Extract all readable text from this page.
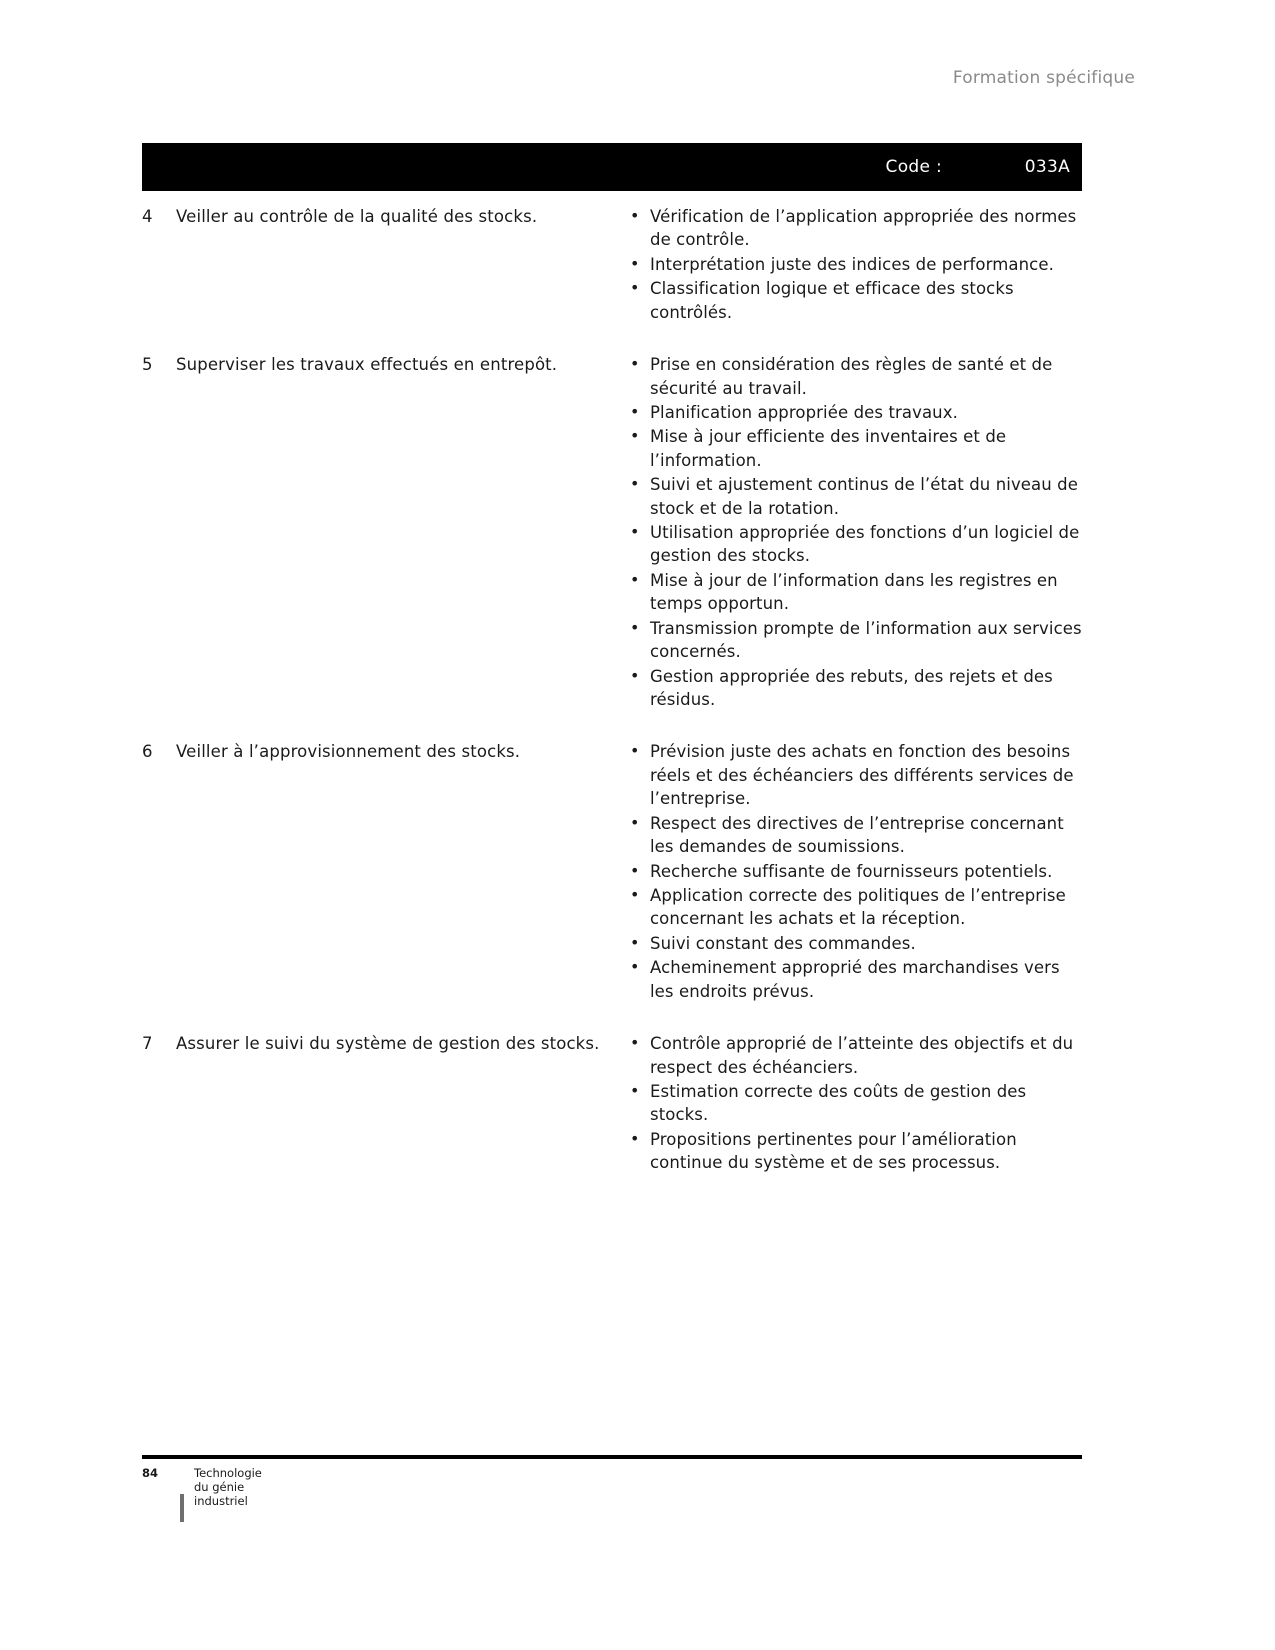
Formation spécifique
Code :	033A
4	Veiller au contrôle de la qualité des stocks.	• Vérification de l’application appropriée des normes de contrôle.
• Interprétation juste des indices de performance.
• Classification logique et efficace des stocks contrôlés.
5	Superviser les travaux effectués en entrepôt.	• Prise en considération des règles de santé et de sécurité au travail.
• Planification appropriée des travaux.
• Mise à jour efficiente des inventaires et de l’information.
• Suivi et ajustement continus de l’état du niveau de stock et de la rotation.
• Utilisation appropriée des fonctions d’un logiciel de gestion des stocks.
• Mise à jour de l’information dans les registres en temps opportun.
• Transmission prompte de l’information aux services concernés.
• Gestion appropriée des rebuts, des rejets et des résidus.
6	Veiller à l’approvisionnement des stocks.	• Prévision juste des achats en fonction des besoins réels et des échéanciers des différents services de l’entreprise.
• Respect des directives de l’entreprise concernant les demandes de soumissions.
• Recherche suffisante de fournisseurs potentiels.
• Application correcte des politiques de l’entreprise concernant les achats et la réception.
• Suivi constant des commandes.
• Acheminement approprié des marchandises vers les endroits prévus.
7	Assurer le suivi du système de gestion des stocks.	• Contrôle approprié de l’atteinte des objectifs et du respect des échéanciers.
• Estimation correcte des coûts de gestion des stocks.
• Propositions pertinentes pour l’amélioration continue du système et de ses processus.
84	Technologie du génie industriel
